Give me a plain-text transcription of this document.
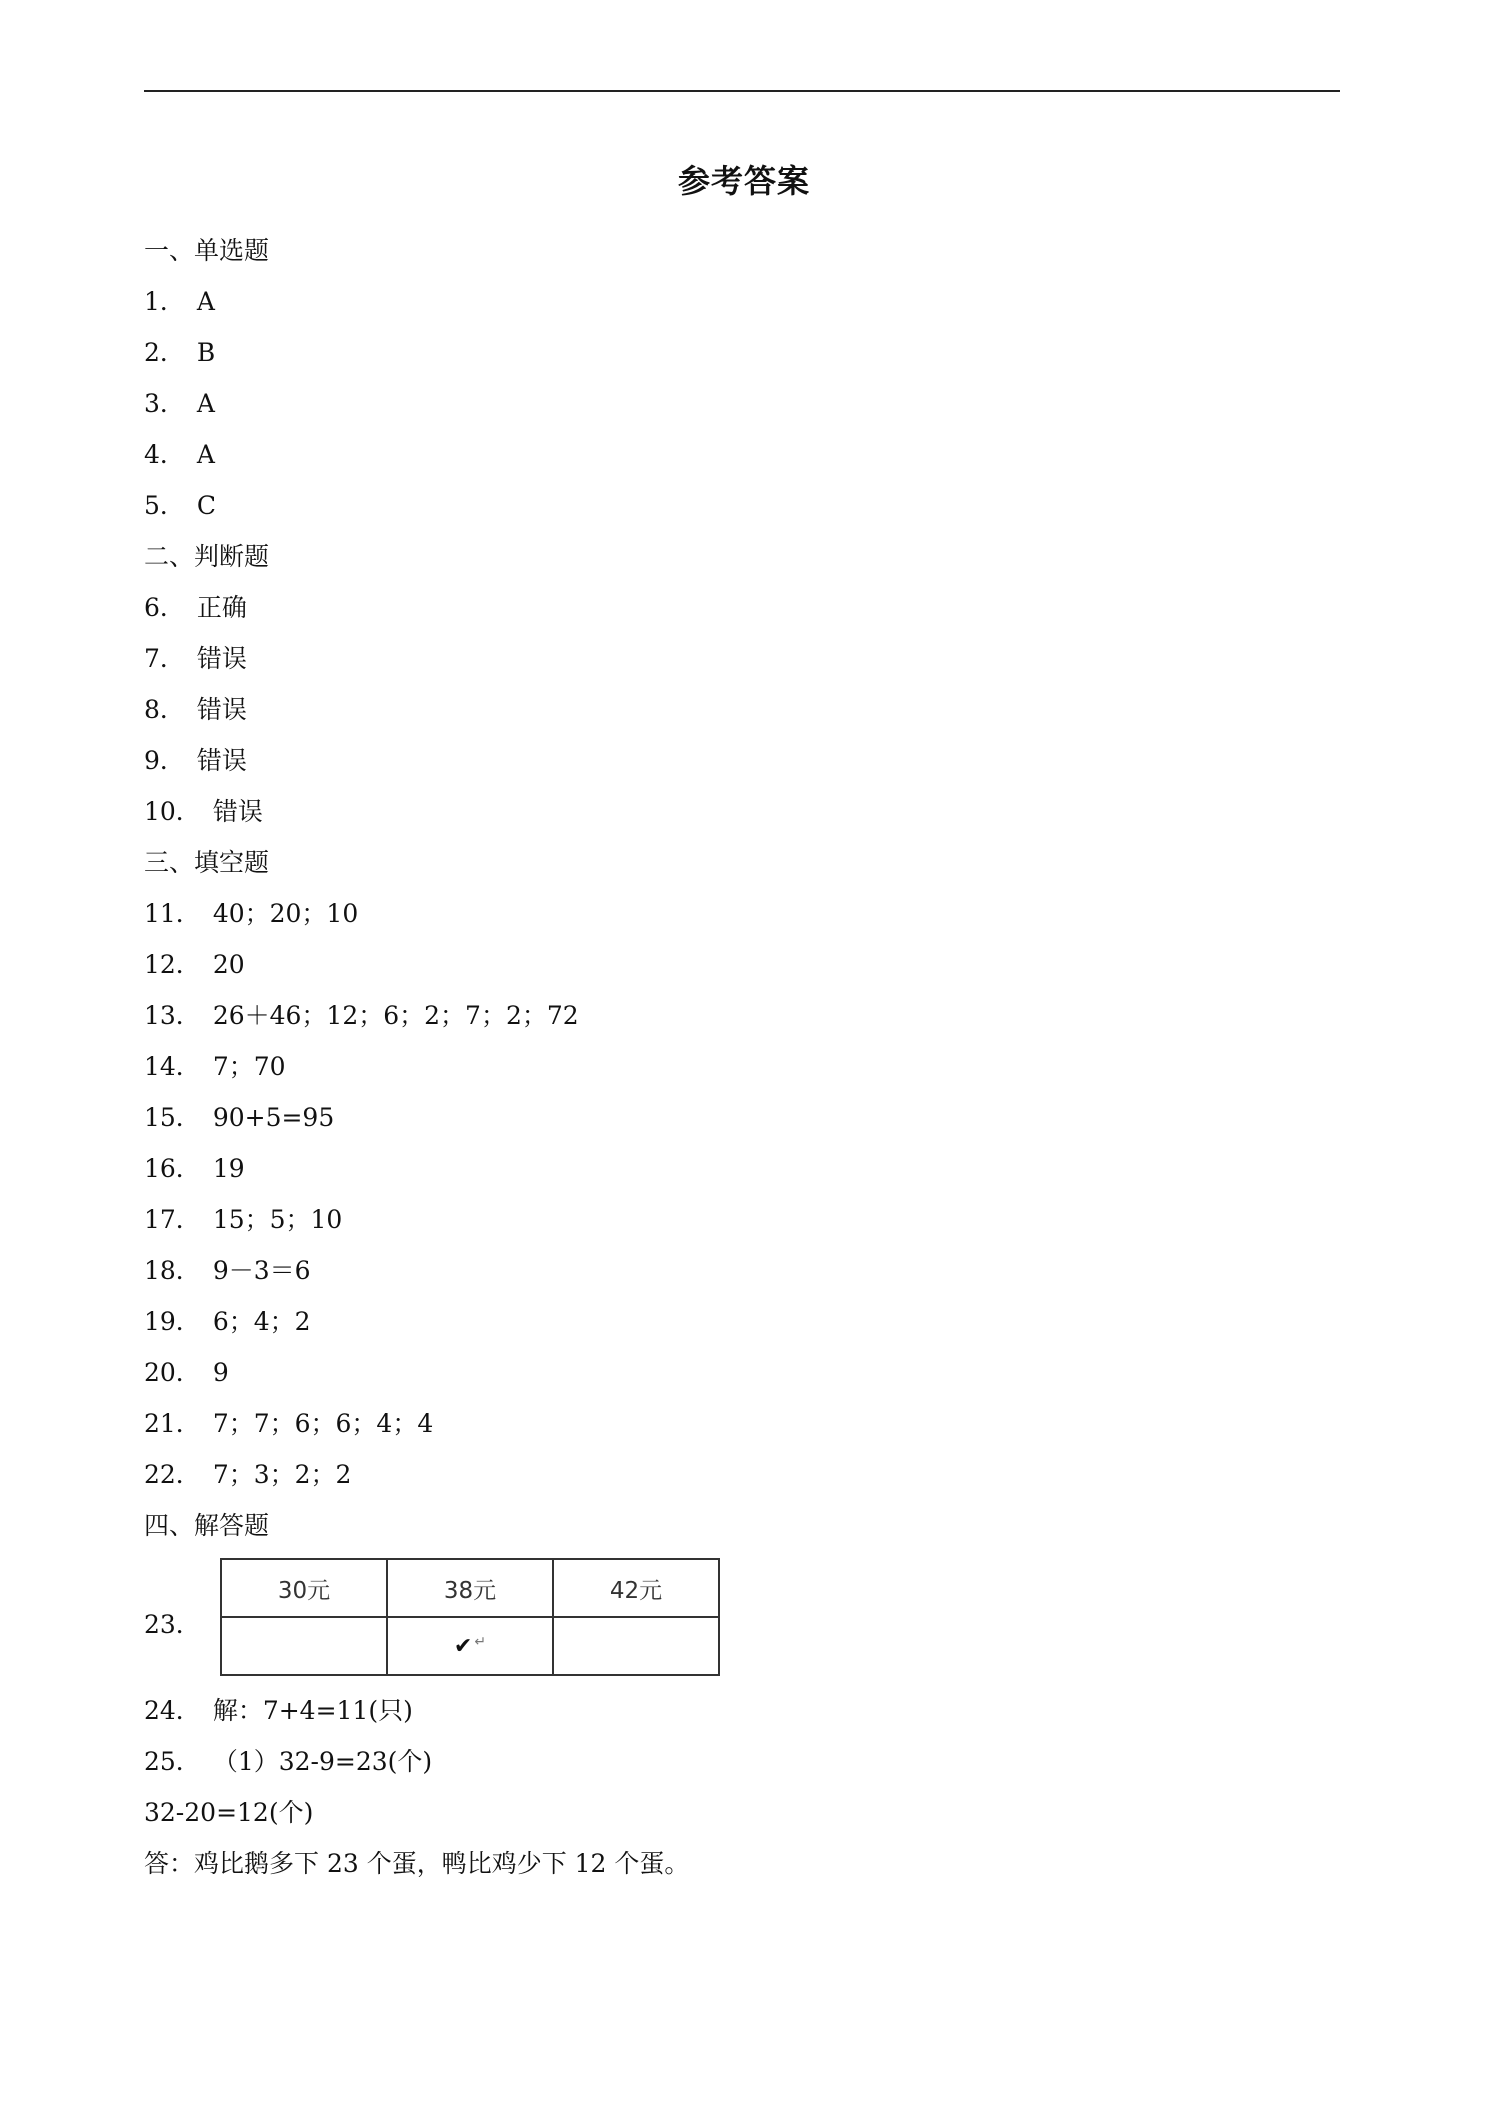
参考答案
一、单选题
1． A
2． B
3． A
4． A
5． C
二、判断题
6． 正确
7． 错误
8． 错误
9． 错误
10． 错误
三、填空题
11． 40；20；10
12． 20
13． 26＋46；12；6；2；7；2；72
14． 7；70
15． 90+5=95
16． 19
17． 15；5；10
18． 9－3＝6
19． 6；4；2
20． 9
21． 7；7；6；6；4；4
22． 7；3；2；2
四、解答题
23．
30元	38元	42元
	✔ ↵	
24． 解：7+4=11(只)
25． （1）32-9=23(个)
32-20=12(个)
答：鸡比鹅多下 23 个蛋，鸭比鸡少下 12 个蛋。
